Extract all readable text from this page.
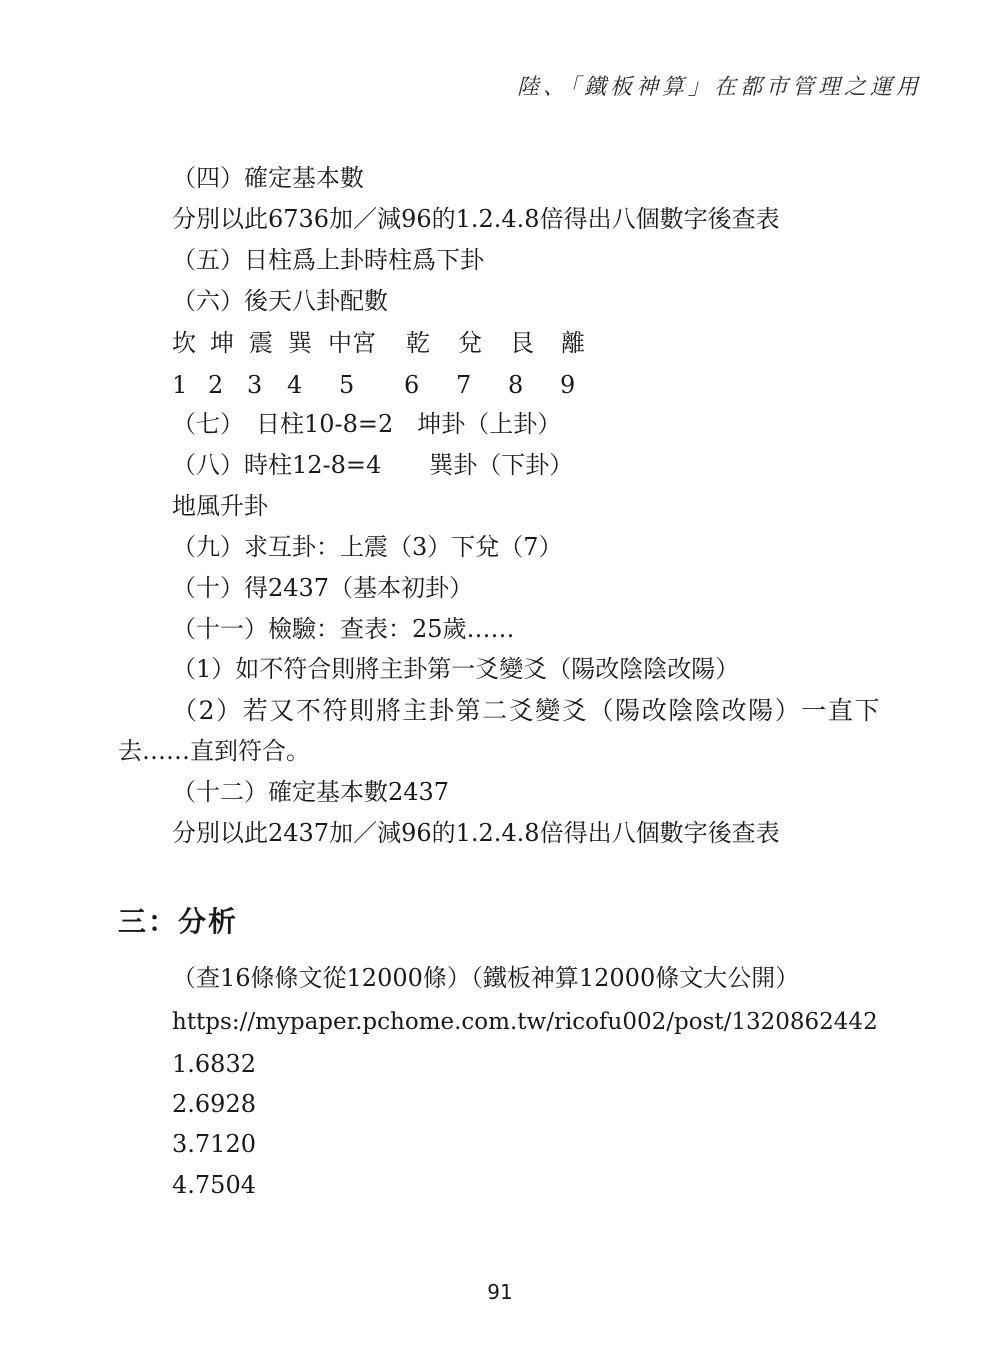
陸、「鐵板神算」在都市管理之運用
（四）確定基本數
分別以此6736加／減96的1.2.4.8倍得出八個數字後查表
（五）日柱爲上卦時柱爲下卦
（六）後天八卦配數
坎 坤 震 巽 中宮 乾 兌 艮 離
1 2 3 4 5 6 7 8 9
（七）　日柱10-8=2　坤卦（上卦）
（八）時柱12-8=4　　巽卦（下卦）
地風升卦
（九）求互卦：上震（3）下兌（7）
（十）得2437（基本初卦）
（十一）檢驗：查表：25歲……
（1）如不符合則將主卦第一爻變爻（陽改陰陰改陽）
（2）若又不符則將主卦第二爻變爻（陽改陰陰改陽）一直下
去……直到符合。
（十二）確定基本數2437
分別以此2437加／減96的1.2.4.8倍得出八個數字後查表
三：分析
（查16條條文從12000條）（鐵板神算12000條文大公開）
https://mypaper.pchome.com.tw/ricofu002/post/1320862442
1.6832
2.6928
3.7120
4.7504
91
